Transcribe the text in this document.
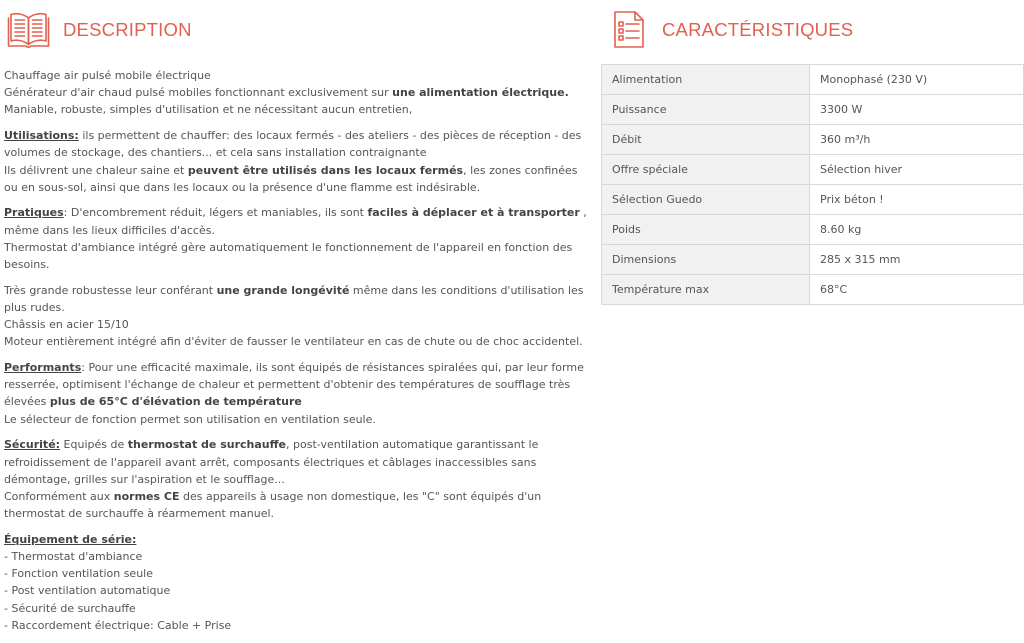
DESCRIPTION	CARACTÉRISTIQUES

Chauffage air pulsé mobile électrique
Générateur d'air chaud pulsé mobiles fonctionnant exclusivement sur une alimentation électrique.
Maniable, robuste, simples d'utilisation et ne nécessitant aucun entretien,

Utilisations: ils permettent de chauffer: des locaux fermés - des ateliers - des pièces de réception - des volumes de stockage, des chantiers... et cela sans installation contraignante
Ils délivrent une chaleur saine et peuvent être utilisés dans les locaux fermés, les zones confinées ou en sous-sol, ainsi que dans les locaux ou la présence d'une flamme est indésirable.

Pratiques: D'encombrement réduit, légers et maniables, ils sont faciles à déplacer et à transporter , même dans les lieux difficiles d'accès.
Thermostat d'ambiance intégré gère automatiquement le fonctionnement de l'appareil en fonction des besoins.

Très grande robustesse leur conférant une grande longévité même dans les conditions d'utilisation les plus rudes.
Châssis en acier 15/10
Moteur entièrement intégré afin d'éviter de fausser le ventilateur en cas de chute ou de choc accidentel.

Performants: Pour une efficacité maximale, ils sont équipés de résistances spiralées qui, par leur forme resserrée, optimisent l'échange de chaleur et permettent d'obtenir des températures de soufflage très élevées plus de 65°C d'élévation de température
Le sélecteur de fonction permet son utilisation en ventilation seule.

Sécurité: Equipés de thermostat de surchauffe, post-ventilation automatique garantissant le refroidissement de l'appareil avant arrêt, composants électriques et câblages inaccessibles sans démontage, grilles sur l'aspiration et le soufflage...
Conformément aux normes CE des appareils à usage non domestique, les "C" sont équipés d'un thermostat de surchauffe à réarmement manuel.

Équipement de série:
- Thermostat d'ambiance
- Fonction ventilation seule
- Post ventilation automatique
- Sécurité de surchauffe
- Raccordement électrique: Cable + Prise

Alimentation	Monophasé (230 V)
Puissance	3300 W
Débit	360 m³/h
Offre spéciale	Sélection hiver
Sélection Guedo	Prix béton !
Poids	8.60 kg
Dimensions	285 x 315 mm
Température max	68°C
